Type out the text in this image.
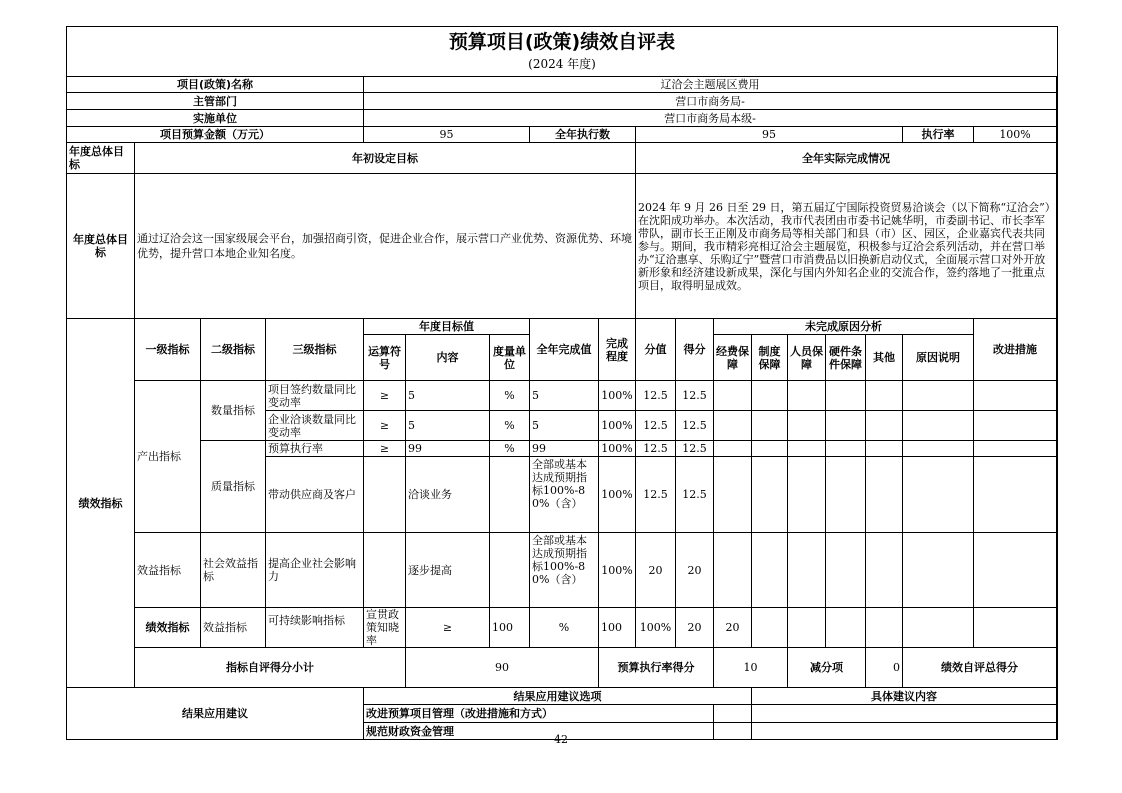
预算项目(政策)绩效自评表
(2024 年度)
项目(政策)名称				辽洽会主题展区费用														
主管部门				营口市商务局-														
实施单位				营口市商务局本级-														
项目预算金额（万元）				95			全年执行数		95							执行率	100%	
年度总体目标	年初设定目标								全年实际完成情况									
年度总体目标	通过辽洽会这一国家级展会平台，加强招商引资，促进企业合作，展示营口产业优势、资源优势、环境优势，提升营口本地企业知名度。								2024 年 9 月 26 日至 29 日，第五届辽宁国际投资贸易洽谈会（以下简称“辽洽会”）在沈阳成功举办。本次活动，我市代表团由市委书记姚华明，市委副书记、市长李军带队，副市长王正刚及市商务局等相关部门和县（市）区、园区，企业嘉宾代表共同参与。期间，我市精彩亮相辽洽会主题展览，积极参与辽洽会系列活动，并在营口举办“辽洽惠享、乐购辽宁”暨营口市消费品以旧换新启动仪式，全面展示营口对外开放新形象和经济建设新成果，深化与国内外知名企业的交流合作，签约落地了一批重点项目，取得明显成效。									
绩效指标	一级指标	二级指标	三级指标	年度目标值			全年完成值	完成程度	分值	得分	未完成原因分析						改进措施	
				运算符号	内容	度量单位					经费保障	制度保障	人员保障	硬件条件保障	其他	原因说明		
	产出指标	数量指标	项目签约数量同比变动率	≥	5	%	5	100%	12.5	12.5								
			企业洽谈数量同比变动率	≥	5	%	5	100%	12.5	12.5								
		质量指标	预算执行率	≥	99	%	99	100%	12.5	12.5								
			带动供应商及客户		洽谈业务		全部或基本达成预期指标100%-80%（含）	100%	12.5	12.5								
	效益指标	社会效益指标	提高企业社会影响力		逐步提高		全部或基本达成预期指标100%-80%（含）	100%	20	20								
	绩效指标	效益指标	可持续影响指标	宣贯政策知晓率	≥	100	%	100	100%	20	20							
	指标自评得分小计				90			预算执行率得分			10		减分项		0	绩效自评总得分	
结果应用建议				结果应用建议选项								具体建议内容						
				改进预算项目管理（改进措施和方式）														
				规范财政资金管理														
42
